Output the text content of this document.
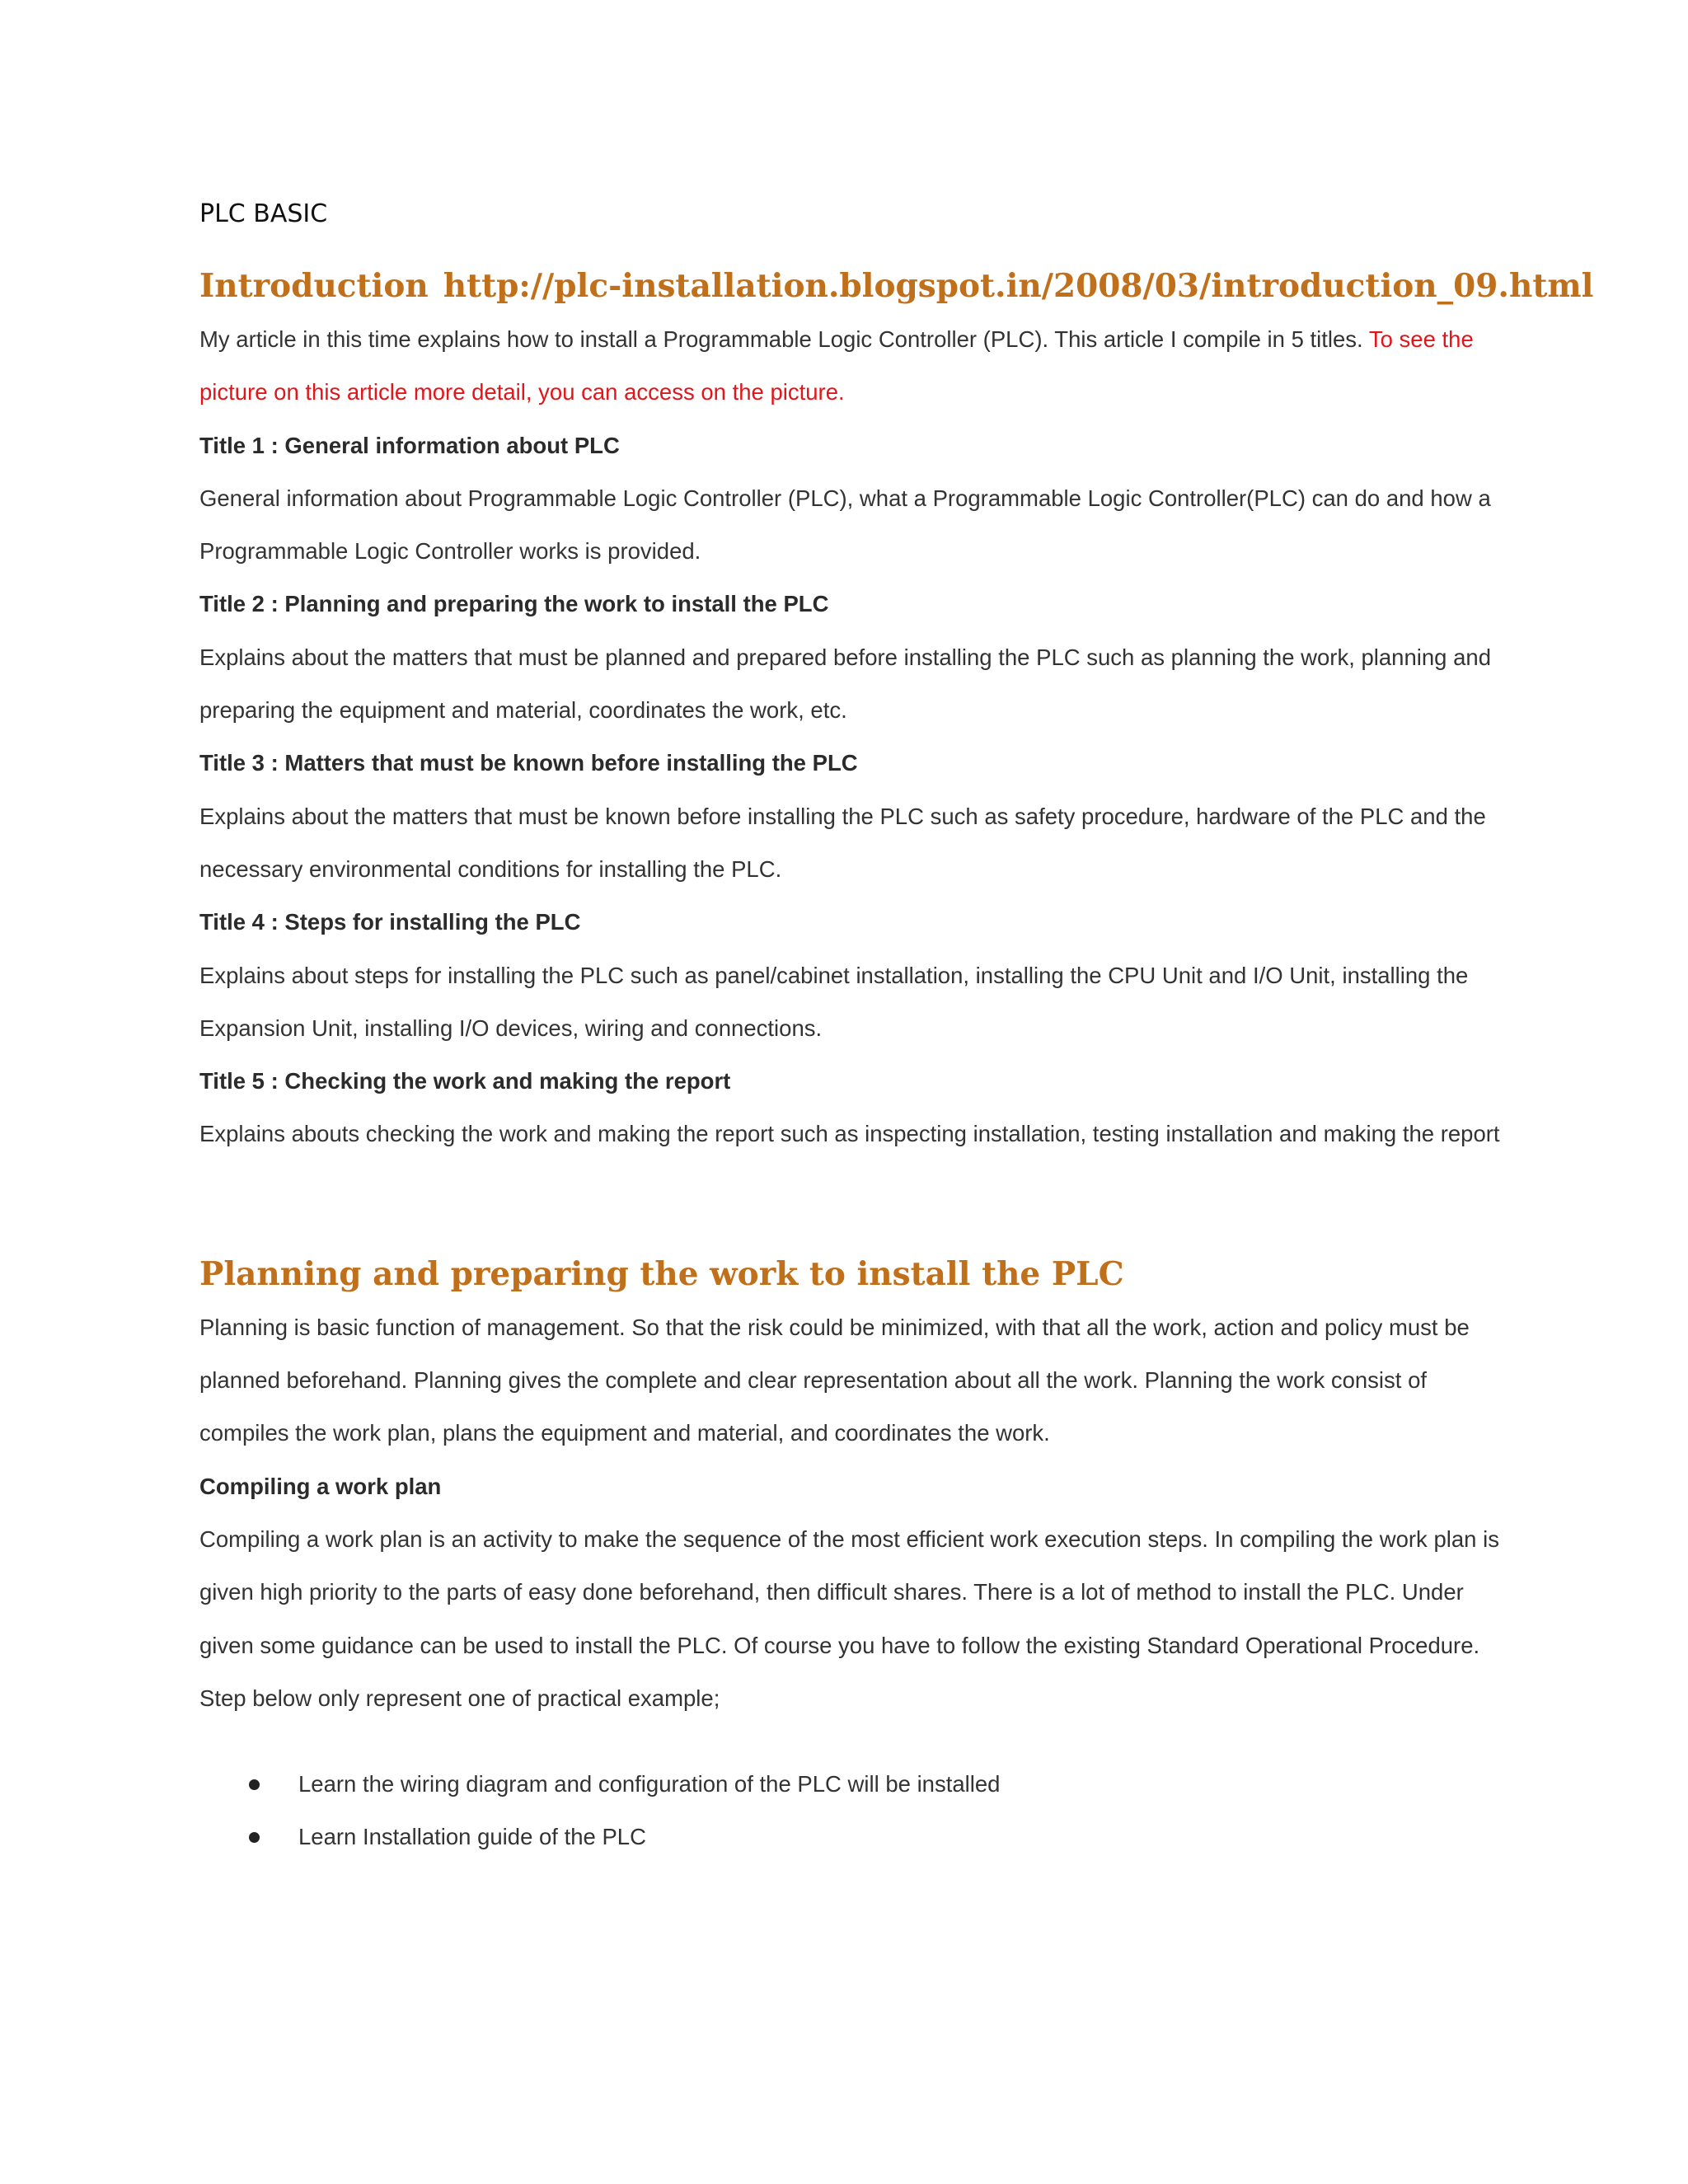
PLC BASIC
Introduction http://plc-installation.blogspot.in/2008/03/introduction_09.html

My article in this time explains how to install a Programmable Logic Controller (PLC). This article I compile in 5 titles. To see the picture on this article more detail, you can access on the picture.

Title 1 : General information about PLC

General information about Programmable Logic Controller (PLC), what a Programmable Logic Controller(PLC) can do and how a Programmable Logic Controller works is provided.

Title 2 : Planning and preparing the work to install the PLC

Explains about the matters that must be planned and prepared before installing the PLC such as planning the work, planning and preparing the equipment and material, coordinates the work, etc.

Title 3 : Matters that must be known before installing the PLC

Explains about the matters that must be known before installing the PLC such as safety procedure, hardware of the PLC and the necessary environmental conditions for installing the PLC.

Title 4 : Steps for installing the PLC

Explains about steps for installing the PLC such as panel/cabinet installation, installing the CPU Unit and I/O Unit, installing the Expansion Unit, installing I/O devices, wiring and connections.

Title 5 : Checking the work and making the report

Explains abouts checking the work and making the report such as inspecting installation, testing installation and making the report

Planning and preparing the work to install the PLC

Planning is basic function of management. So that the risk could be minimized, with that all the work, action and policy must be planned beforehand. Planning gives the complete and clear representation about all the work. Planning the work consist of compiles the work plan, plans the equipment and material, and coordinates the work.

Compiling a work plan

Compiling a work plan is an activity to make the sequence of the most efficient work execution steps. In compiling the work plan is given high priority to the parts of easy done beforehand, then difficult shares. There is a lot of method to install the PLC. Under given some guidance can be used to install the PLC. Of course you have to follow the existing Standard Operational Procedure.

Step below only represent one of practical example;

Learn the wiring diagram and configuration of the PLC will be installed
Learn Installation guide of the PLC
